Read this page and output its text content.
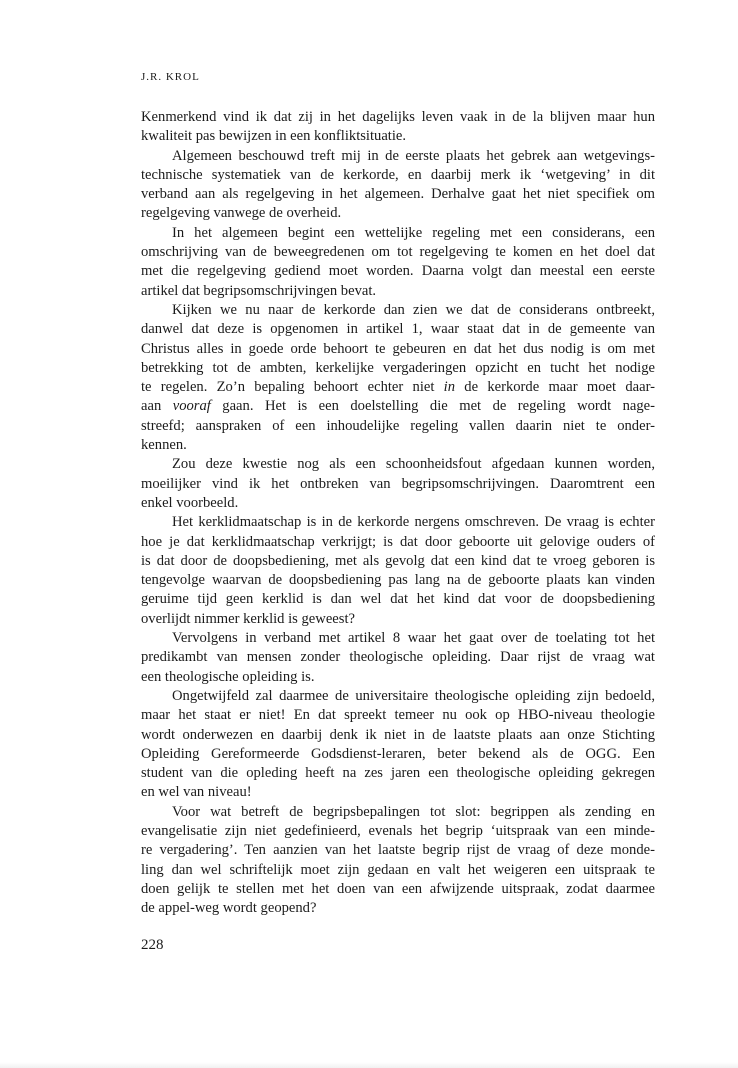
J.R. KROL
Kenmerkend vind ik dat zij in het dagelijks leven vaak in de la blijven maar hun
kwaliteit pas bewijzen in een konfliktsituatie.
Algemeen beschouwd treft mij in de eerste plaats het gebrek aan wetgevings-
technische systematiek van de kerkorde, en daarbij merk ik ‘wetgeving’ in dit
verband aan als regelgeving in het algemeen. Derhalve gaat het niet specifiek om
regelgeving vanwege de overheid.
In het algemeen begint een wettelijke regeling met een considerans, een
omschrijving van de beweegredenen om tot regelgeving te komen en het doel dat
met die regelgeving gediend moet worden. Daarna volgt dan meestal een eerste
artikel dat begripsomschrijvingen bevat.
Kijken we nu naar de kerkorde dan zien we dat de considerans ontbreekt,
danwel dat deze is opgenomen in artikel 1, waar staat dat in de gemeente van
Christus alles in goede orde behoort te gebeuren en dat het dus nodig is om met
betrekking tot de ambten, kerkelijke vergaderingen opzicht en tucht het nodige
te regelen. Zo’n bepaling behoort echter niet in de kerkorde maar moet daar-
aan vooraf gaan. Het is een doelstelling die met de regeling wordt nage-
streefd; aanspraken of een inhoudelijke regeling vallen daarin niet te onder-
kennen.
Zou deze kwestie nog als een schoonheidsfout afgedaan kunnen worden,
moeilijker vind ik het ontbreken van begripsomschrijvingen. Daaromtrent een
enkel voorbeeld.
Het kerklidmaatschap is in de kerkorde nergens omschreven. De vraag is echter
hoe je dat kerklidmaatschap verkrijgt; is dat door geboorte uit gelovige ouders of
is dat door de doopsbediening, met als gevolg dat een kind dat te vroeg geboren is
tengevolge waarvan de doopsbediening pas lang na de geboorte plaats kan vinden
geruime tijd geen kerklid is dan wel dat het kind dat voor de doopsbediening
overlijdt nimmer kerklid is geweest?
Vervolgens in verband met artikel 8 waar het gaat over de toelating tot het
predikambt van mensen zonder theologische opleiding. Daar rijst de vraag wat
een theologische opleiding is.
Ongetwijfeld zal daarmee de universitaire theologische opleiding zijn bedoeld,
maar het staat er niet! En dat spreekt temeer nu ook op HBO-niveau theologie
wordt onderwezen en daarbij denk ik niet in de laatste plaats aan onze Stichting
Opleiding Gereformeerde Godsdienst-leraren, beter bekend als de OGG. Een
student van die opleding heeft na zes jaren een theologische opleiding gekregen
en wel van niveau!
Voor wat betreft de begripsbepalingen tot slot: begrippen als zending en
evangelisatie zijn niet gedefinieerd, evenals het begrip ‘uitspraak van een minde-
re vergadering’. Ten aanzien van het laatste begrip rijst de vraag of deze monde-
ling dan wel schriftelijk moet zijn gedaan en valt het weigeren een uitspraak te
doen gelijk te stellen met het doen van een afwijzende uitspraak, zodat daarmee
de appel-weg wordt geopend?
228
